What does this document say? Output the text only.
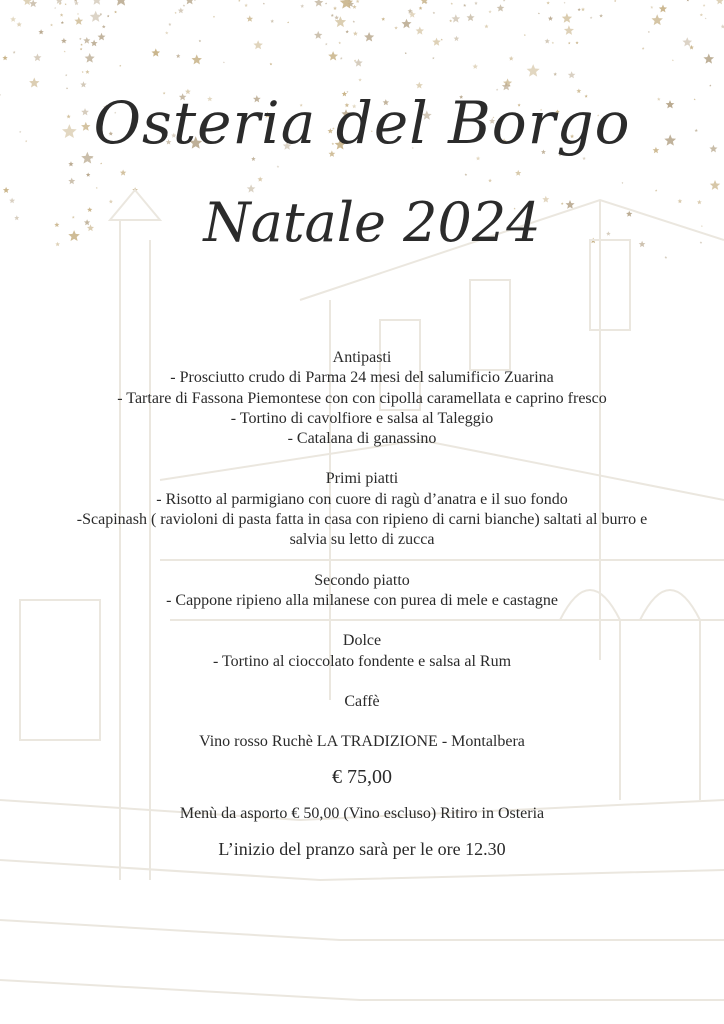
Osteria del Borgo
Natale 2024
Antipasti
- Prosciutto crudo di Parma 24 mesi del salumificio Zuarina
- Tartare di Fassona Piemontese con con cipolla caramellata e caprino fresco
- Tortino di cavolfiore e salsa al Taleggio
- Catalana di ganassino
Primi piatti
- Risotto al parmigiano con cuore di ragù d’anatra e il suo fondo
-Scapinash ( ravioloni di pasta fatta in casa con ripieno di carni bianche) saltati al burro e
salvia su letto di zucca
Secondo piatto
- Cappone ripieno alla milanese con purea di mele e castagne
Dolce
- Tortino al cioccolato fondente e salsa al Rum
Caffè
Vino rosso Ruchè LA TRADIZIONE - Montalbera
€ 75,00
Menù da asporto € 50,00 (Vino escluso) Ritiro in Osteria
L’inizio del pranzo sarà per le ore 12.30
